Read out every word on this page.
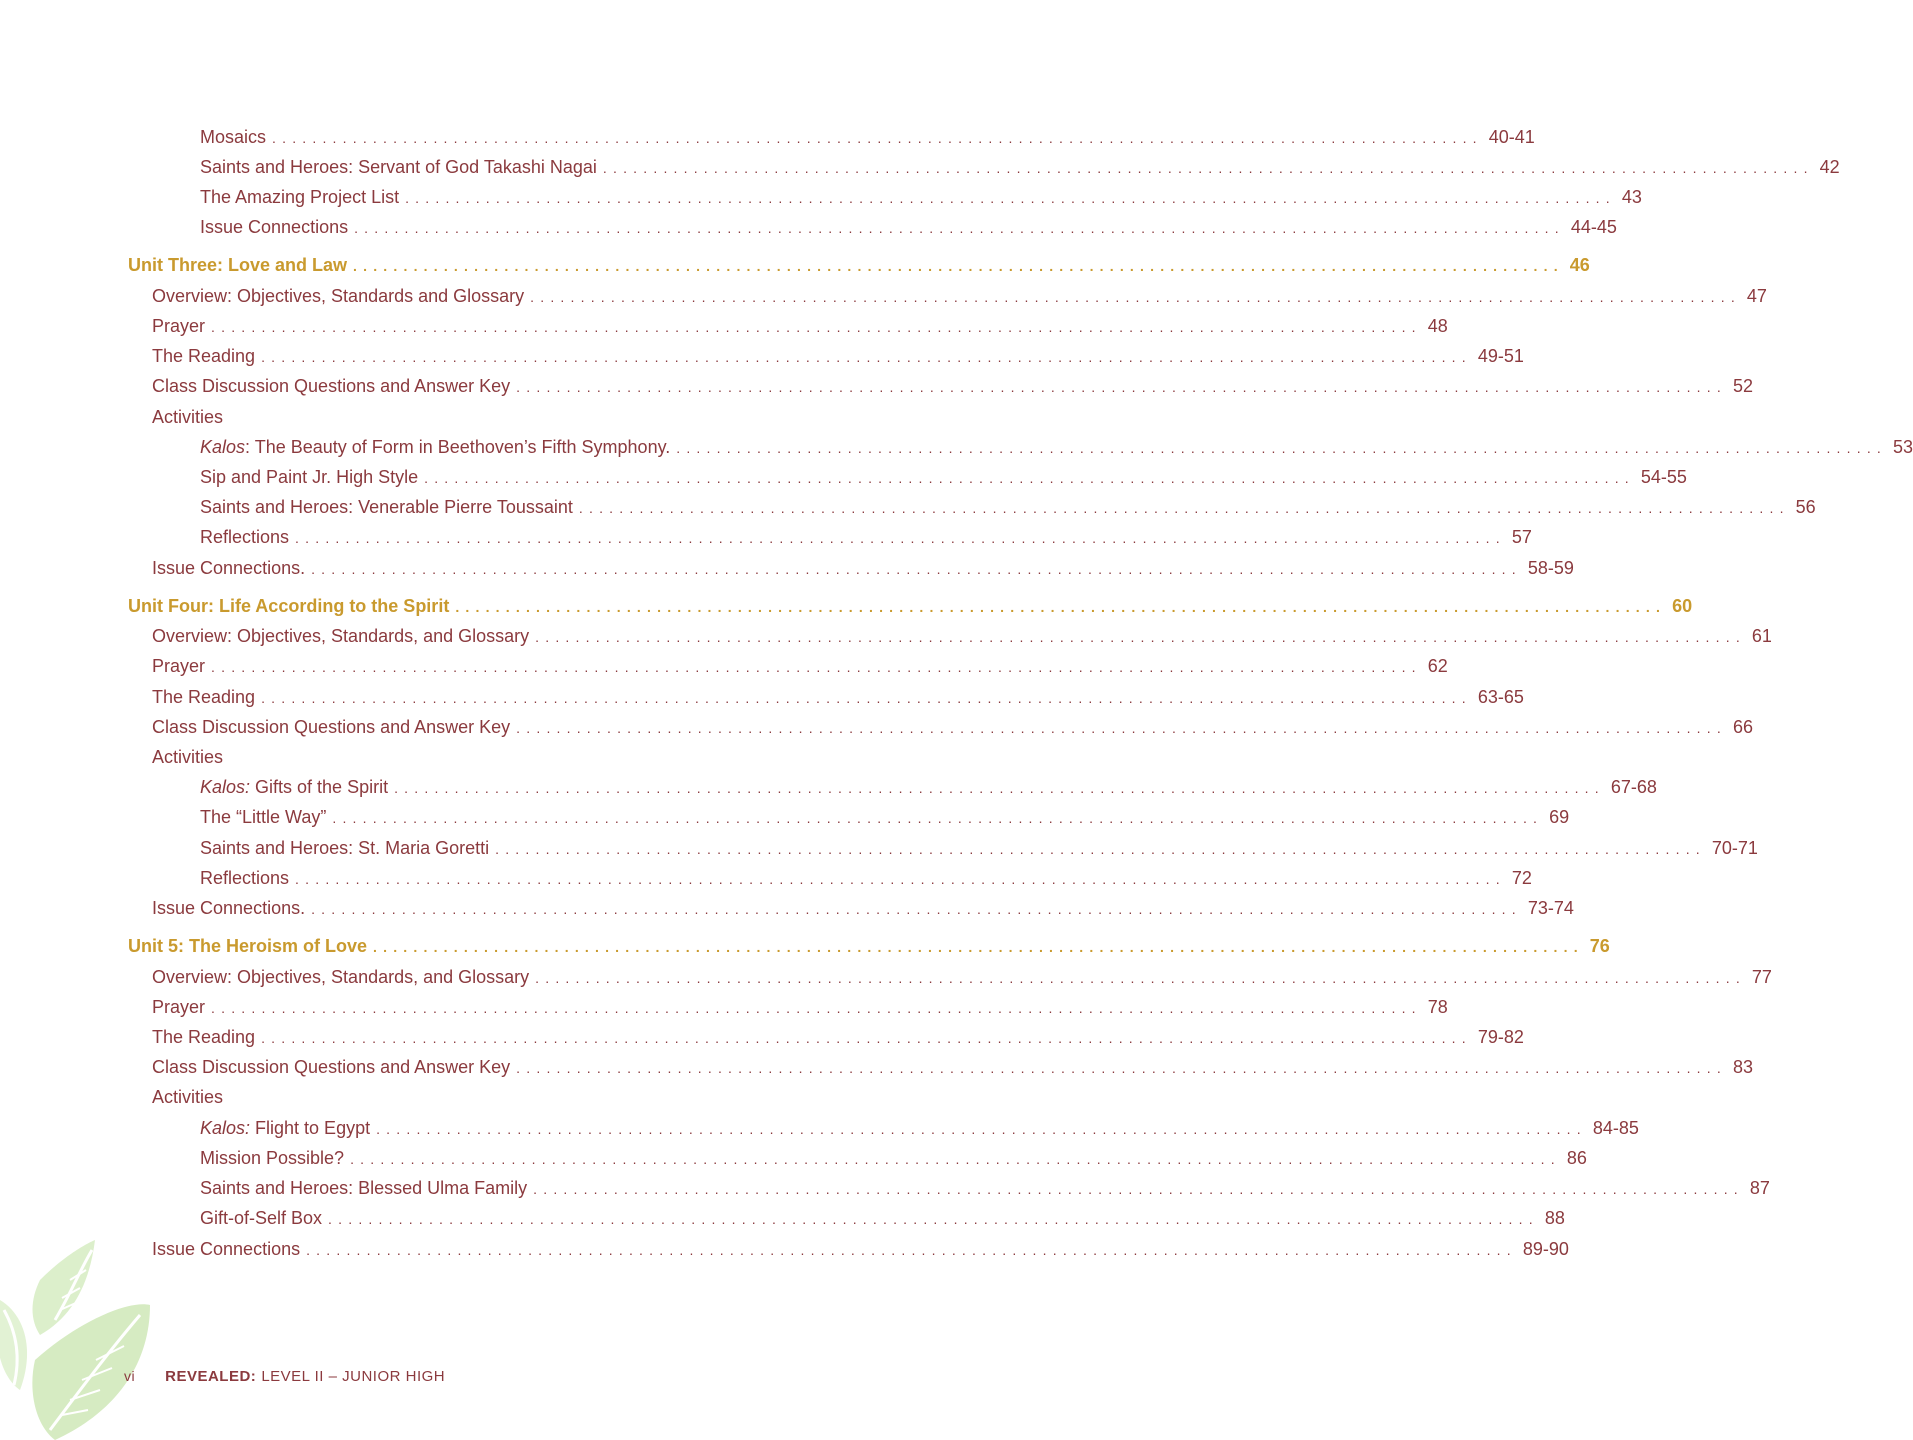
Mosaics ........................................................................................................................ 40-41
Saints and Heroes: Servant of God Takashi Nagai ........................................................................................................................ 42
The Amazing Project List ........................................................................................................................ 43
Issue Connections ........................................................................................................................ 44-45
Unit Three: Love and Law ........................................................................................................................ 46
Overview: Objectives, Standards and Glossary ........................................................................................................................ 47
Prayer ........................................................................................................................ 48
The Reading ........................................................................................................................ 49-51
Class Discussion Questions and Answer Key ........................................................................................................................ 52
Activities
Kalos: The Beauty of Form in Beethoven’s Fifth Symphony. ........................................................................................................................ 53
Sip and Paint Jr. High Style ........................................................................................................................ 54-55
Saints and Heroes: Venerable Pierre Toussaint ........................................................................................................................ 56
Reflections ........................................................................................................................ 57
Issue Connections. ........................................................................................................................ 58-59
Unit Four: Life According to the Spirit ........................................................................................................................ 60
Overview: Objectives, Standards, and Glossary ........................................................................................................................ 61
Prayer ........................................................................................................................ 62
The Reading ........................................................................................................................ 63-65
Class Discussion Questions and Answer Key ........................................................................................................................ 66
Activities
Kalos: Gifts of the Spirit ........................................................................................................................ 67-68
The “Little Way” ........................................................................................................................ 69
Saints and Heroes: St. Maria Goretti ........................................................................................................................ 70-71
Reflections ........................................................................................................................ 72
Issue Connections. ........................................................................................................................ 73-74
Unit 5: The Heroism of Love ........................................................................................................................ 76
Overview: Objectives, Standards, and Glossary ........................................................................................................................ 77
Prayer ........................................................................................................................ 78
The Reading ........................................................................................................................ 79-82
Class Discussion Questions and Answer Key ........................................................................................................................ 83
Activities
Kalos: Flight to Egypt ........................................................................................................................ 84-85
Mission Possible? ........................................................................................................................ 86
Saints and Heroes: Blessed Ulma Family ........................................................................................................................ 87
Gift-of-Self Box ........................................................................................................................ 88
Issue Connections ........................................................................................................................ 89-90
vi REVEALED: LEVEL II – JUNIOR HIGH
